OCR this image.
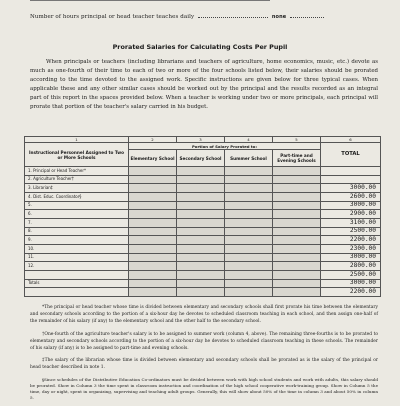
Number of hours principal or head teacher teaches daily	none
Prorated Salaries for Calculating Costs Per Pupil
When principals or teachers (including librarians and teachers of agriculture, home economics, music, etc.) devote as much as one-fourth of their time to each of two or more of the four schools listed below, their salaries should be prorated according to the time devoted to the assigned work. Specific instructions are given below for three typical cases. When applicable these and any other similar cases should be worked out by the principal and the results recorded as an integral part of this report in the spaces provided below. When a teacher is working under two or more principals, each principal will prorate that portion of the teacher's salary carried in his budget.
1	2	3	4	5	6
Instructional Personnel Assigned to Two or More Schools	Portion of Salary Prorated to:				TOTAL
	Elementary School	Secondary School	Summer School	Part-time and Evening Schools	
1. Principal or Head Teacher*					
2. Agriculture Teacher†					
3. Librarian‡					3000.00
4. Dist. Educ. Coordinator§					2600.00
5.					3000.00
6.					2900.00
7.					3100.00
8.					2500.00
9.					2200.00
10.					2300.00
11.					3000.00
12.					2800.00
					2500.00
Totals					3000.00
					2200.00

*The principal or head teacher whose time is divided between elementary and secondary schools shall first prorate his time between the elementary and secondary schools according to the portion of a six-hour day he devotes to scheduled classroom teaching in each school, and then assign one-half of the remainder of his salary (if any) to the elementary school and the other half to the secondary school.

†One-fourth of the agriculture teacher's salary is to be assigned to summer work (column 4, above). The remaining three-fourths is to be prorated to elementary and secondary schools according to the portion of a six-hour day he devotes to scheduled classroom teaching in these schools. The remainder of his salary (if any) is to be assigned to part-time and evening schools.

‡The salary of the librarian whose time is divided between elementary and secondary schools shall be prorated as is the salary of the principal or head teacher described in note 1.

§Since schedules of the Distributive Education Co-ordinators must be divided between work with high school students and work with adults, this salary should be prorated. Show in Column 3 the time spent in classroom instruction and coordination of the high school cooperative work-training group. Show in Column 5 the time, day or night, spent in organizing, supervising and teaching adult groups. Generally, this will show about 50% of the time in column 3 and about 50% in column 5.
